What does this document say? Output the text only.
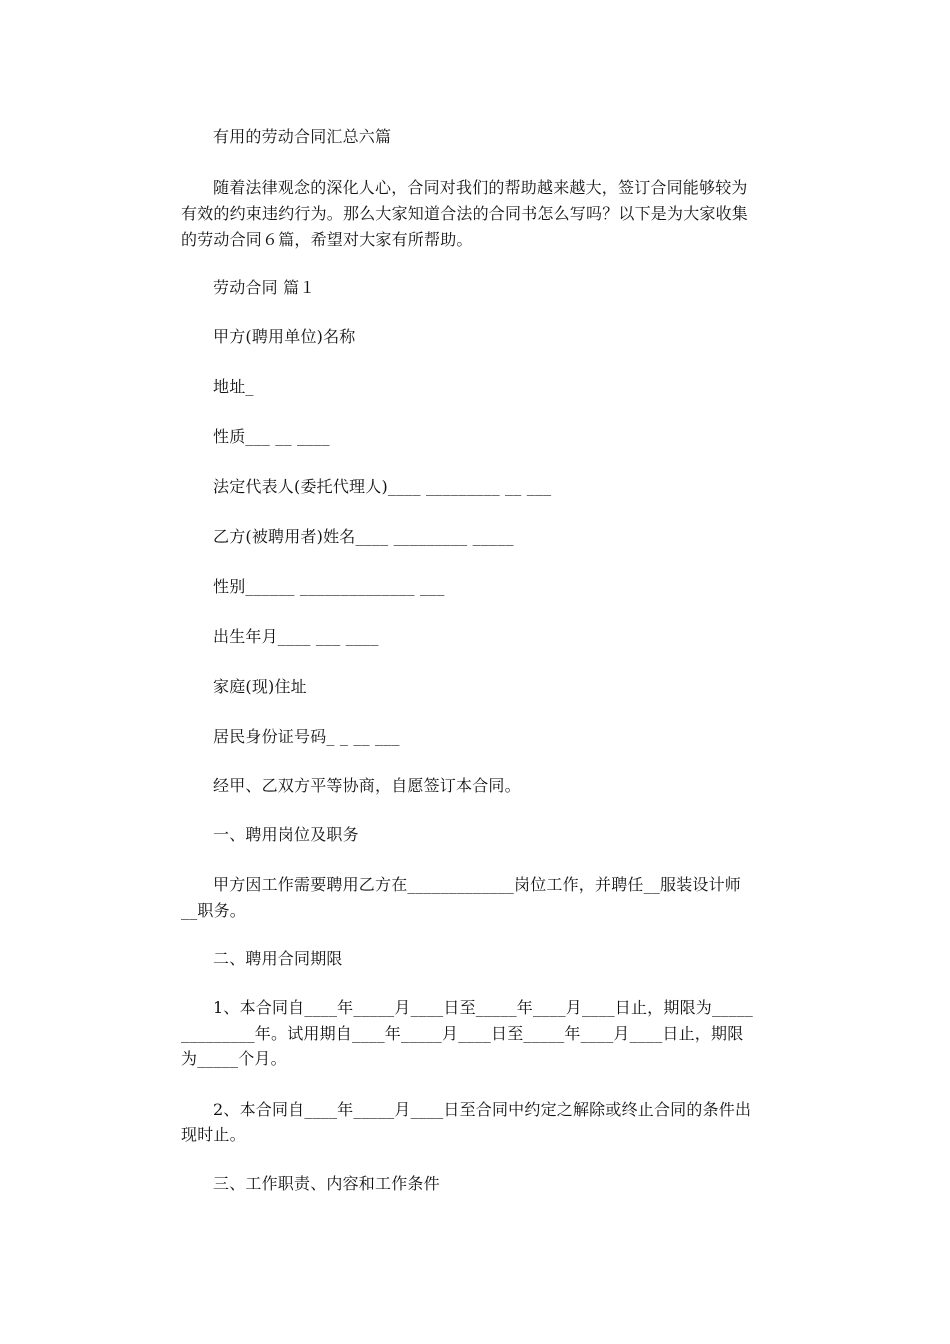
有用的劳动合同汇总六篇
随着法律观念的深化人心，合同对我们的帮助越来越大，签订合同能够较为
有效的约束违约行为。那么大家知道合法的合同书怎么写吗？以下是为大家收集
的劳动合同６篇，希望对大家有所帮助。
劳动合同 篇１
甲方(聘用单位)名称
地址_
性质___ __ ____
法定代表人(委托代理人)____ _________ __ ___
乙方(被聘用者)姓名____ _________ _____
性别______ ______________ ___
出生年月____ ___ ____
家庭(现)住址
居民身份证号码_ _ __ ___
经甲、乙双方平等协商，自愿签订本合同。
一、聘用岗位及职务
甲方因工作需要聘用乙方在_____________岗位工作，并聘任__服装设计师
__职务。
二、聘用合同期限
1、本合同自____年_____月____日至_____年____月____日止，期限为_____
_________年。试用期自____年_____月____日至_____年____月____日止，期限
为_____个月。
2、本合同自____年_____月____日至合同中约定之解除或终止合同的条件出
现时止。
三、工作职责、内容和工作条件
